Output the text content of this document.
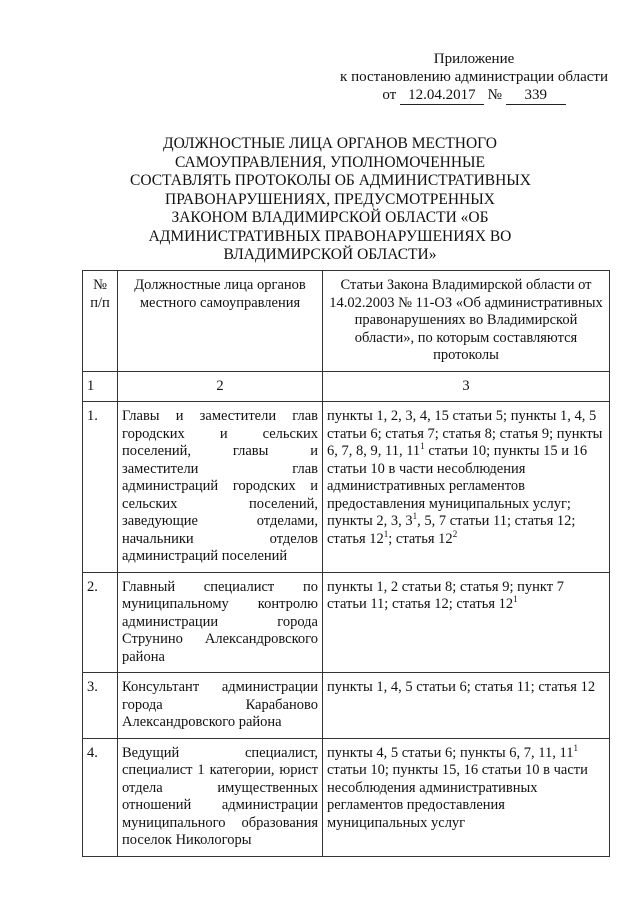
Приложение
к постановлению администрации области
от 12.04.2017 № 339
ДОЛЖНОСТНЫЕ ЛИЦА ОРГАНОВ МЕСТНОГО
САМОУПРАВЛЕНИЯ, УПОЛНОМОЧЕННЫЕ
СОСТАВЛЯТЬ ПРОТОКОЛЫ ОБ АДМИНИСТРАТИВНЫХ
ПРАВОНАРУШЕНИЯХ, ПРЕДУСМОТРЕННЫХ
ЗАКОНОМ ВЛАДИМИРСКОЙ ОБЛАСТИ «ОБ
АДМИНИСТРАТИВНЫХ ПРАВОНАРУШЕНИЯХ ВО
ВЛАДИМИРСКОЙ ОБЛАСТИ»
№ п/п	Должностные лица органов местного самоуправления	Статьи Закона Владимирской области от 14.02.2003 № 11-ОЗ «Об административных правонарушениях во Владимирской области», по которым составляются протоколы
1	2	3
1.	Главы и заместители глав городских и сельских поселений, главы и заместители глав администраций городских и сельских поселений, заведующие отделами, начальники отделов администраций поселений	пункты 1, 2, 3, 4, 15 статьи 5; пункты 1, 4, 5 статьи 6; статья 7; статья 8; статья 9; пункты 6, 7, 8, 9, 11, $11^1$ статьи 10; пункты 15 и 16 статьи 10 в части несоблюдения административных регламентов предоставления муниципальных услуг; пункты 2, 3, $3^1$, 5, 7 статьи 11; статья 12; статья $12^1$; статья $12^2$
2.	Главный специалист по муниципальному контролю администрации города Струнино Александровского района	пункты 1, 2 статьи 8; статья 9; пункт 7 статьи 11; статья 12; статья $12^1$
3.	Консультант администрации города Карабаново Александровского района	пункты 1, 4, 5 статьи 6; статья 11; статья 12
4.	Ведущий специалист, специалист 1 категории, юрист отдела имущественных отношений администрации муниципального образования поселок Никологоры	пункты 4, 5 статьи 6; пункты 6, 7, 11, $11^1$ статьи 10; пункты 15, 16 статьи 10 в части несоблюдения административных регламентов предоставления муниципальных услуг
